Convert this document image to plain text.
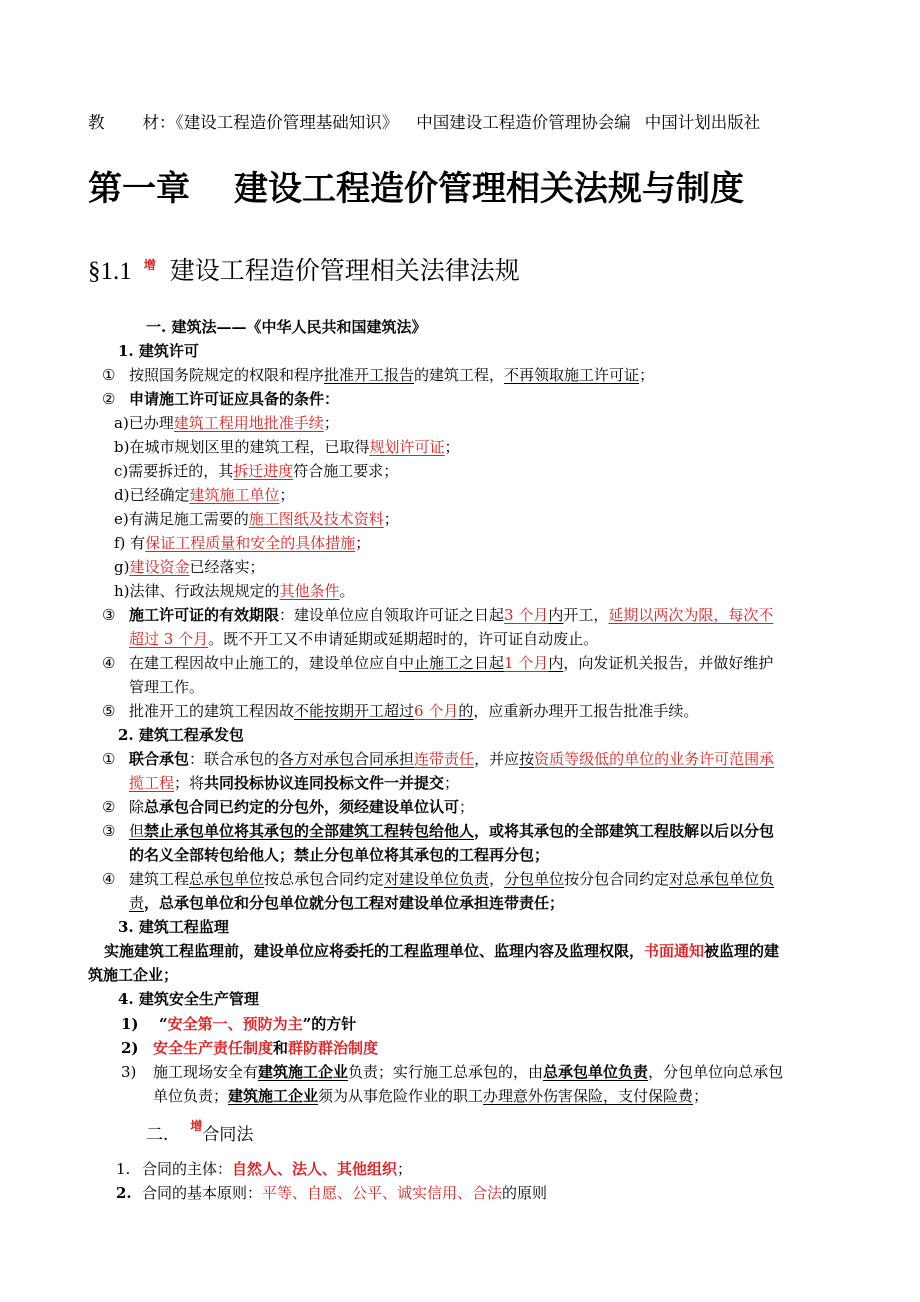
教 材：《建设工程造价管理基础知识》 中国建设工程造价管理协会编 中国计划出版社
第一章 建设工程造价管理相关法规与制度
§1.1 $^增$ 建设工程造价管理相关法律法规
一. 建筑法——《中华人民共和国建筑法》
1. 建筑许可
① 按照国务院规定的权限和程序批准开工报告的建筑工程，不再领取施工许可证；
② 申请施工许可证应具备的条件：
a)已办理建筑工程用地批准手续；
b)在城市规划区里的建筑工程，已取得规划许可证；
c)需要拆迁的，其拆迁进度符合施工要求；
d)已经确定建筑施工单位；
e)有满足施工需要的施工图纸及技术资料；
f) 有保证工程质量和安全的具体措施；
g)建设资金已经落实；
h)法律、行政法规规定的其他条件。
③ 施工许可证的有效期限：建设单位应自领取许可证之日起3 个月内开工，延期以两次为限，每次不
超过 3 个月。既不开工又不申请延期或延期超时的，许可证自动废止。
④ 在建工程因故中止施工的，建设单位应自中止施工之日起1 个月内，向发证机关报告，并做好维护
管理工作。
⑤ 批准开工的建筑工程因故不能按期开工超过6 个月的，应重新办理开工报告批准手续。
2. 建筑工程承发包
① 联合承包：联合承包的各方对承包合同承担连带责任，并应按资质等级低的单位的业务许可范围承
揽工程；将共同投标协议连同投标文件一并提交；
② 除总承包合同已约定的分包外，须经建设单位认可；
③ 但禁止承包单位将其承包的全部建筑工程转包给他人，或将其承包的全部建筑工程肢解以后以分包
的名义全部转包给他人；禁止分包单位将其承包的工程再分包；
④ 建筑工程总承包单位按总承包合同约定对建设单位负责，分包单位按分包合同约定对总承包单位负
责，总承包单位和分包单位就分包工程对建设单位承担连带责任；
3. 建筑工程监理
实施建筑工程监理前，建设单位应将委托的工程监理单位、监理内容及监理权限，书面通知被监理的建
筑施工企业；
4. 建筑安全生产管理
1) “安全第一、预防为主”的方针
2) 安全生产责任制度和群防群治制度
3) 施工现场安全有建筑施工企业负责；实行施工总承包的，由总承包单位负责，分包单位向总承包
单位负责；建筑施工企业须为从事危险作业的职工办理意外伤害保险，支付保险费；
二. $^增$合同法
1. 合同的主体：自然人、法人、其他组织；
2. 合同的基本原则：平等、自愿、公平、诚实信用、合法的原则
